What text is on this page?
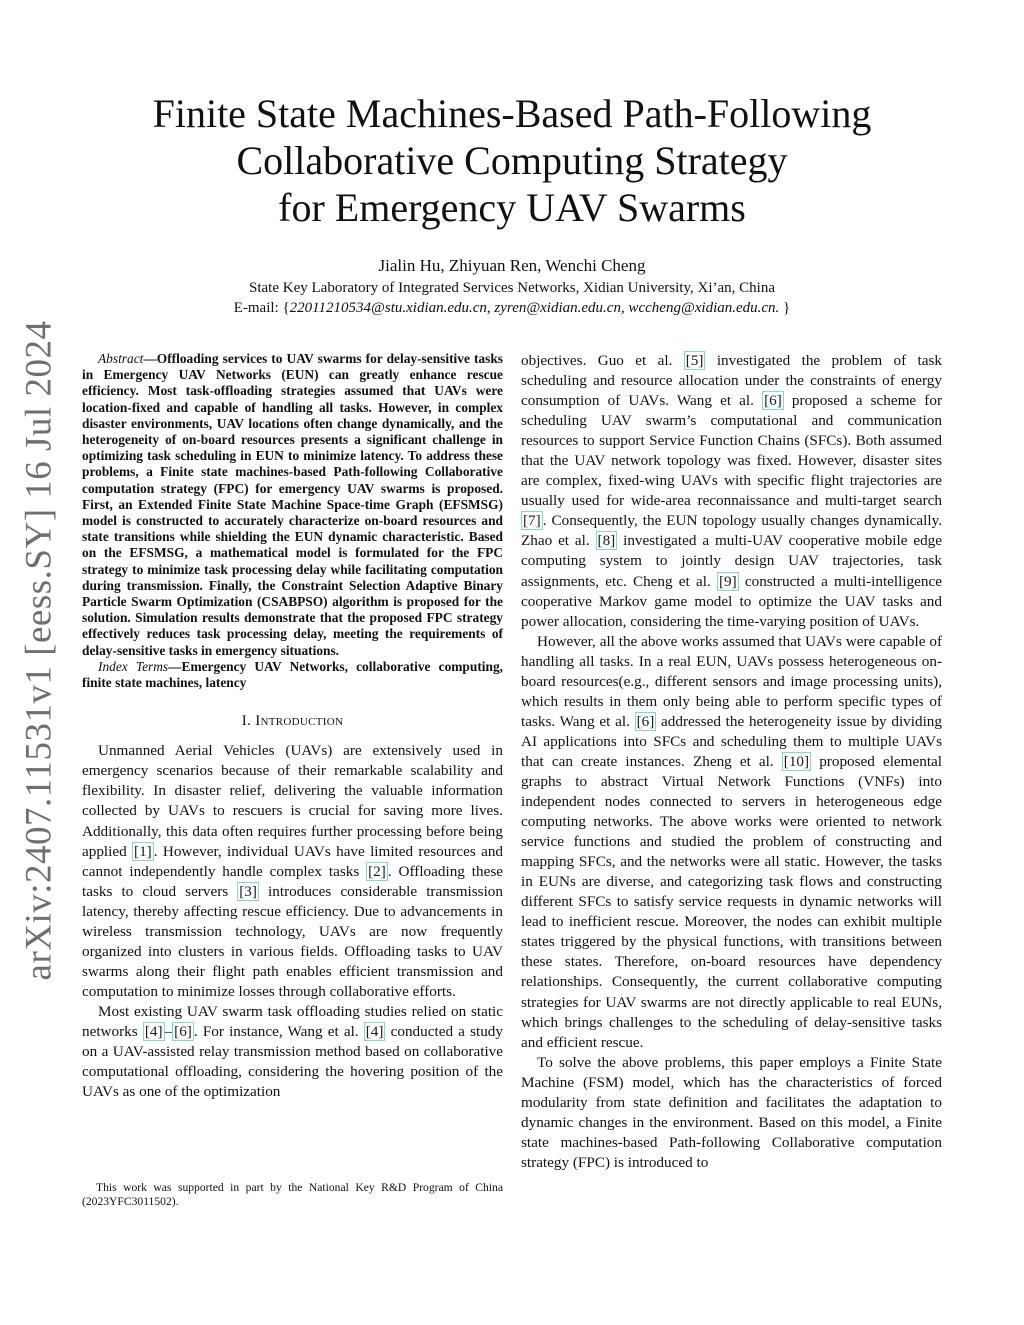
arXiv:2407.11531v1 [eess.SY] 16 Jul 2024
Finite State Machines-Based Path-Following
Collaborative Computing Strategy
for Emergency UAV Swarms
Jialin Hu, Zhiyuan Ren, Wenchi Cheng
State Key Laboratory of Integrated Services Networks, Xidian University, Xi’an, China
E-mail: {22011210534@stu.xidian.edu.cn, zyren@xidian.edu.cn, wccheng@xidian.edu.cn. }

Abstract—Offloading services to UAV swarms for delay-sensitive tasks in Emergency UAV Networks (EUN) can greatly enhance rescue efficiency. Most task-offloading strategies assumed that UAVs were location-fixed and capable of handling all tasks. However, in complex disaster environments, UAV locations often change dynamically, and the heterogeneity of on-board resources presents a significant challenge in optimizing task scheduling in EUN to minimize latency. To address these problems, a Finite state machines-based Path-following Collaborative computation strategy (FPC) for emergency UAV swarms is proposed. First, an Extended Finite State Machine Space-time Graph (EFSMSG) model is constructed to accurately characterize on-board resources and state transitions while shielding the EUN dynamic characteristic. Based on the EFSMSG, a mathematical model is formulated for the FPC strategy to minimize task processing delay while facilitating computation during transmission. Finally, the Constraint Selection Adaptive Binary Particle Swarm Optimization (CSABPSO) algorithm is proposed for the solution. Simulation results demonstrate that the proposed FPC strategy effectively reduces task processing delay, meeting the requirements of delay-sensitive tasks in emergency situations.

Index Terms—Emergency UAV Networks, collaborative computing, finite state machines, latency

I. Introduction

Unmanned Aerial Vehicles (UAVs) are extensively used in emergency scenarios because of their remarkable scalability and flexibility. In disaster relief, delivering the valuable information collected by UAVs to rescuers is crucial for saving more lives. Additionally, this data often requires further processing before being applied [1] . However, individual UAVs have limited resources and cannot independently handle complex tasks [2] . Offloading these tasks to cloud servers [3] introduces considerable transmission latency, thereby affecting rescue efficiency. Due to advancements in wireless transmission technology, UAVs are now frequently organized into clusters in various fields. Offloading tasks to UAV swarms along their flight path enables efficient transmission and computation to minimize losses through collaborative efforts.

Most existing UAV swarm task offloading studies relied on static networks [4] – [6] . For instance, Wang et al. [4] conducted a study on a UAV-assisted relay transmission method based on collaborative computational offloading, considering the hovering position of the UAVs as one of the optimization

This work was supported in part by the National Key R&D Program of China (2023YFC3011502).

objectives. Guo et al. [5] investigated the problem of task scheduling and resource allocation under the constraints of energy consumption of UAVs. Wang et al. [6] proposed a scheme for scheduling UAV swarm’s computational and communication resources to support Service Function Chains (SFCs). Both assumed that the UAV network topology was fixed. However, disaster sites are complex, fixed-wing UAVs with specific flight trajectories are usually used for wide-area reconnaissance and multi-target search [7] . Consequently, the EUN topology usually changes dynamically. Zhao et al. [8] investigated a multi-UAV cooperative mobile edge computing system to jointly design UAV trajectories, task assignments, etc. Cheng et al. [9] constructed a multi-intelligence cooperative Markov game model to optimize the UAV tasks and power allocation, considering the time-varying position of UAVs.

However, all the above works assumed that UAVs were capable of handling all tasks. In a real EUN, UAVs possess heterogeneous on-board resources(e.g., different sensors and image processing units), which results in them only being able to perform specific types of tasks. Wang et al. [6] addressed the heterogeneity issue by dividing AI applications into SFCs and scheduling them to multiple UAVs that can create instances. Zheng et al. [10] proposed elemental graphs to abstract Virtual Network Functions (VNFs) into independent nodes connected to servers in heterogeneous edge computing networks. The above works were oriented to network service functions and studied the problem of constructing and mapping SFCs, and the networks were all static. However, the tasks in EUNs are diverse, and categorizing task flows and constructing different SFCs to satisfy service requests in dynamic networks will lead to inefficient rescue. Moreover, the nodes can exhibit multiple states triggered by the physical functions, with transitions between these states. Therefore, on-board resources have dependency relationships. Consequently, the current collaborative computing strategies for UAV swarms are not directly applicable to real EUNs, which brings challenges to the scheduling of delay-sensitive tasks and efficient rescue.

To solve the above problems, this paper employs a Finite State Machine (FSM) model, which has the characteristics of forced modularity from state definition and facilitates the adaptation to dynamic changes in the environment. Based on this model, a Finite state machines-based Path-following Collaborative computation strategy (FPC) is introduced to
